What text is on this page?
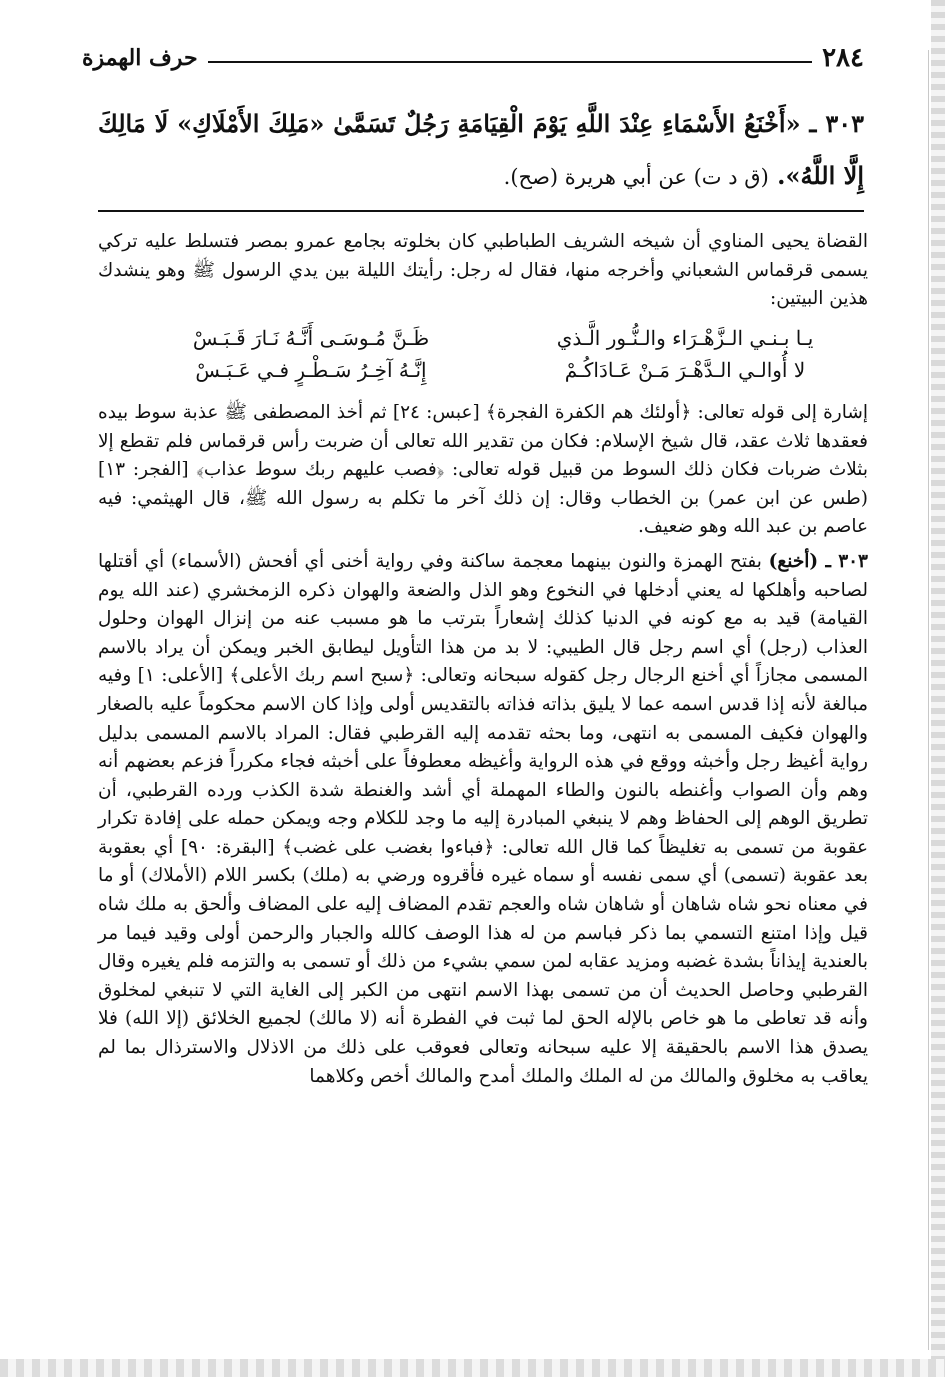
٢٨٤
حرف الهمزة
٣٠٣ ـ «أَخْنَعُ الأَسْمَاءِ عِنْدَ اللَّهِ يَوْمَ الْقِيَامَةِ رَجُلٌ تَسَمَّىٰ «مَلِكَ الأَمْلَاكِ» لَا مَالِكَ إِلَّا اللَّهُ». (ق د ت) عن أبي هريرة (صح).

القضاة يحيى المناوي أن شيخه الشريف الطباطبي كان بخلوته بجامع عمرو بمصر فتسلط عليه تركي يسمى قرقماس الشعباني وأخرجه منها، فقال له رجل: رأيتك الليلة بين يدي الرسول ﷺ وهو ينشدك هذين البيتين:

يـا بـنـي الـزَّهْـرَاء والـنُّـور الَّـذي
ظَـنَّ مُـوسَـى أَنَّـهُ نَـارَ قَـبَـسْ
لا أُوالـي الـدَّهْـرَ مَـنْ عَـادَاكُـمْ
إِنَّـهُ آخِـرُ سَـطْـرٍ فـي عَـبَـسْ

إشارة إلى قوله تعالى: ﴿أولئك هم الكفرة الفجرة﴾ [عبس: ٢٤] ثم أخذ المصطفى ﷺ عذبة سوط بيده فعقدها ثلاث عقد، قال شيخ الإسلام: فكان من تقدير الله تعالى أن ضربت رأس قرقماس فلم تقطع إلا بثلاث ضربات فكان ذلك السوط من قبيل قوله تعالى: ﴿فصب عليهم ربك سوط عذاب﴾ [الفجر: ١٣] (طس عن ابن عمر) بن الخطاب وقال: إن ذلك آخر ما تكلم به رسول الله ﷺ، قال الهيثمي: فيه عاصم بن عبد الله وهو ضعيف.

٣٠٣ ـ (أخنع) بفتح الهمزة والنون بينهما معجمة ساكنة وفي رواية أخنى أي أفحش (الأسماء) أي أقتلها لصاحبه وأهلكها له يعني أدخلها في النخوع وهو الذل والضعة والهوان ذكره الزمخشري (عند الله يوم القيامة) قيد به مع كونه في الدنيا كذلك إشعاراً بترتب ما هو مسبب عنه من إنزال الهوان وحلول العذاب (رجل) أي اسم رجل قال الطيبي: لا بد من هذا التأويل ليطابق الخبر ويمكن أن يراد بالاسم المسمى مجازاً أي أخنع الرجال رجل كقوله سبحانه وتعالى: ﴿سبح اسم ربك الأعلى﴾ [الأعلى: ١] وفيه مبالغة لأنه إذا قدس اسمه عما لا يليق بذاته فذاته بالتقديس أولى وإذا كان الاسم محكوماً عليه بالصغار والهوان فكيف المسمى به انتهى، وما بحثه تقدمه إليه القرطبي فقال: المراد بالاسم المسمى بدليل رواية أغيظ رجل وأخبثه ووقع في هذه الرواية وأغيظه معطوفاً على أخبثه فجاء مكرراً فزعم بعضهم أنه وهم وأن الصواب وأغنطه بالنون والطاء المهملة أي أشد والغنطة شدة الكذب ورده القرطبي، أن تطريق الوهم إلى الحفاظ وهم لا ينبغي المبادرة إليه ما وجد للكلام وجه ويمكن حمله على إفادة تكرار عقوبة من تسمى به تغليظاً كما قال الله تعالى: ﴿فباءوا بغضب على غضب﴾ [البقرة: ٩٠] أي بعقوبة بعد عقوبة (تسمى) أي سمى نفسه أو سماه غيره فأقروه ورضي به (ملك) بكسر اللام (الأملاك) أو ما في معناه نحو شاه شاهان أو شاهان شاه والعجم تقدم المضاف إليه على المضاف وألحق به ملك شاه قيل وإذا امتنع التسمي بما ذكر فباسم من له هذا الوصف كالله والجبار والرحمن أولى وقيد فيما مر بالعندية إيذاناً بشدة غضبه ومزيد عقابه لمن سمي بشيء من ذلك أو تسمى به والتزمه فلم يغيره وقال القرطبي وحاصل الحديث أن من تسمى بهذا الاسم انتهى من الكبر إلى الغاية التي لا تنبغي لمخلوق وأنه قد تعاطى ما هو خاص بالإله الحق لما ثبت في الفطرة أنه (لا مالك) لجميع الخلائق (إلا الله) فلا يصدق هذا الاسم بالحقيقة إلا عليه سبحانه وتعالى فعوقب على ذلك من الاذلال والاسترذال بما لم يعاقب به مخلوق والمالك من له الملك والملك أمدح والمالك أخص وكلاهما
